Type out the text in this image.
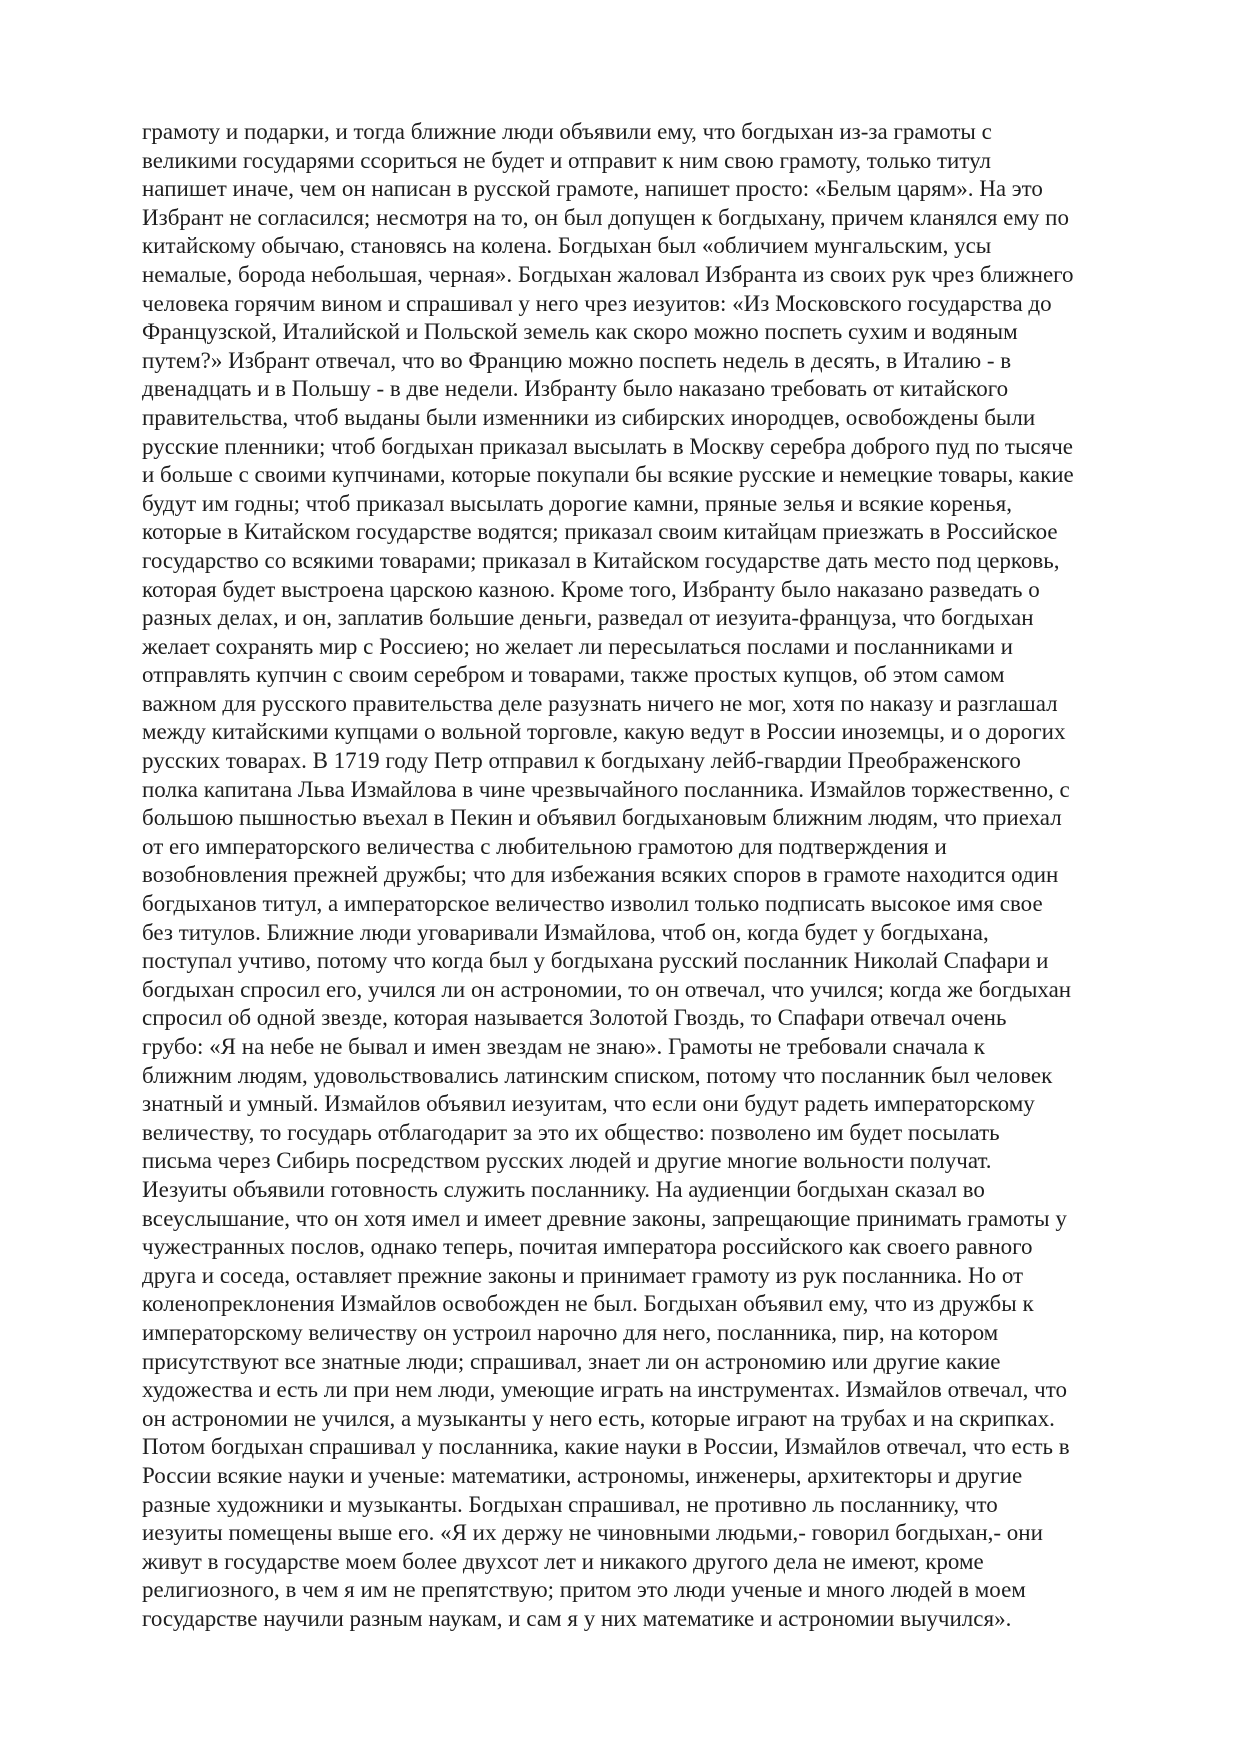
грамоту и подарки, и тогда ближние люди объявили ему, что богдыхан из-за грамоты с
великими государями ссориться не будет и отправит к ним свою грамоту, только титул
напишет иначе, чем он написан в русской грамоте, напишет просто: «Белым царям». На это
Избрант не согласился; несмотря на то, он был допущен к богдыхану, причем кланялся ему по
китайскому обычаю, становясь на колена. Богдыхан был «обличием мунгальским, усы
немалые, борода небольшая, черная». Богдыхан жаловал Избранта из своих рук чрез ближнего
человека горячим вином и спрашивал у него чрез иезуитов: «Из Московского государства до
Французской, Италийской и Польской земель как скоро можно поспеть сухим и водяным
путем?» Избрант отвечал, что во Францию можно поспеть недель в десять, в Италию - в
двенадцать и в Польшу - в две недели. Избранту было наказано требовать от китайского
правительства, чтоб выданы были изменники из сибирских инородцев, освобождены были
русские пленники; чтоб богдыхан приказал высылать в Москву серебра доброго пуд по тысяче
и больше с своими купчинами, которые покупали бы всякие русские и немецкие товары, какие
будут им годны; чтоб приказал высылать дорогие камни, пряные зелья и всякие коренья,
которые в Китайском государстве водятся; приказал своим китайцам приезжать в Российское
государство со всякими товарами; приказал в Китайском государстве дать место под церковь,
которая будет выстроена царскою казною. Кроме того, Избранту было наказано разведать о
разных делах, и он, заплатив большие деньги, разведал от иезуита-француза, что богдыхан
желает сохранять мир с Россиею; но желает ли пересылаться послами и посланниками и
отправлять купчин с своим серебром и товарами, также простых купцов, об этом самом
важном для русского правительства деле разузнать ничего не мог, хотя по наказу и разглашал
между китайскими купцами о вольной торговле, какую ведут в России иноземцы, и о дорогих
русских товарах. В 1719 году Петр отправил к богдыхану лейб-гвардии Преображенского
полка капитана Льва Измайлова в чине чрезвычайного посланника. Измайлов торжественно, с
большою пышностью въехал в Пекин и объявил богдыхановым ближним людям, что приехал
от его императорского величества с любительною грамотою для подтверждения и
возобновления прежней дружбы; что для избежания всяких споров в грамоте находится один
богдыханов титул, а императорское величество изволил только подписать высокое имя свое
без титулов. Ближние люди уговаривали Измайлова, чтоб он, когда будет у богдыхана,
поступал учтиво, потому что когда был у богдыхана русский посланник Николай Спафари и
богдыхан спросил его, учился ли он астрономии, то он отвечал, что учился; когда же богдыхан
спросил об одной звезде, которая называется Золотой Гвоздь, то Спафари отвечал очень
грубо: «Я на небе не бывал и имен звездам не знаю». Грамоты не требовали сначала к
ближним людям, удовольствовались латинским списком, потому что посланник был человек
знатный и умный. Измайлов объявил иезуитам, что если они будут радеть императорскому
величеству, то государь отблагодарит за это их общество: позволено им будет посылать
письма через Сибирь посредством русских людей и другие многие вольности получат.
Иезуиты объявили готовность служить посланнику. На аудиенции богдыхан сказал во
всеуслышание, что он хотя имел и имеет древние законы, запрещающие принимать грамоты у
чужестранных послов, однако теперь, почитая императора российского как своего равного
друга и соседа, оставляет прежние законы и принимает грамоту из рук посланника. Но от
коленопреклонения Измайлов освобожден не был. Богдыхан объявил ему, что из дружбы к
императорскому величеству он устроил нарочно для него, посланника, пир, на котором
присутствуют все знатные люди; спрашивал, знает ли он астрономию или другие какие
художества и есть ли при нем люди, умеющие играть на инструментах. Измайлов отвечал, что
он астрономии не учился, а музыканты у него есть, которые играют на трубах и на скрипках.
Потом богдыхан спрашивал у посланника, какие науки в России, Измайлов отвечал, что есть в
России всякие науки и ученые: математики, астрономы, инженеры, архитекторы и другие
разные художники и музыканты. Богдыхан спрашивал, не противно ль посланнику, что
иезуиты помещены выше его. «Я их держу не чиновными людьми,- говорил богдыхан,- они
живут в государстве моем более двухсот лет и никакого другого дела не имеют, кроме
религиозного, в чем я им не препятствую; притом это люди ученые и много людей в моем
государстве научили разным наукам, и сам я у них математике и астрономии выучился».
